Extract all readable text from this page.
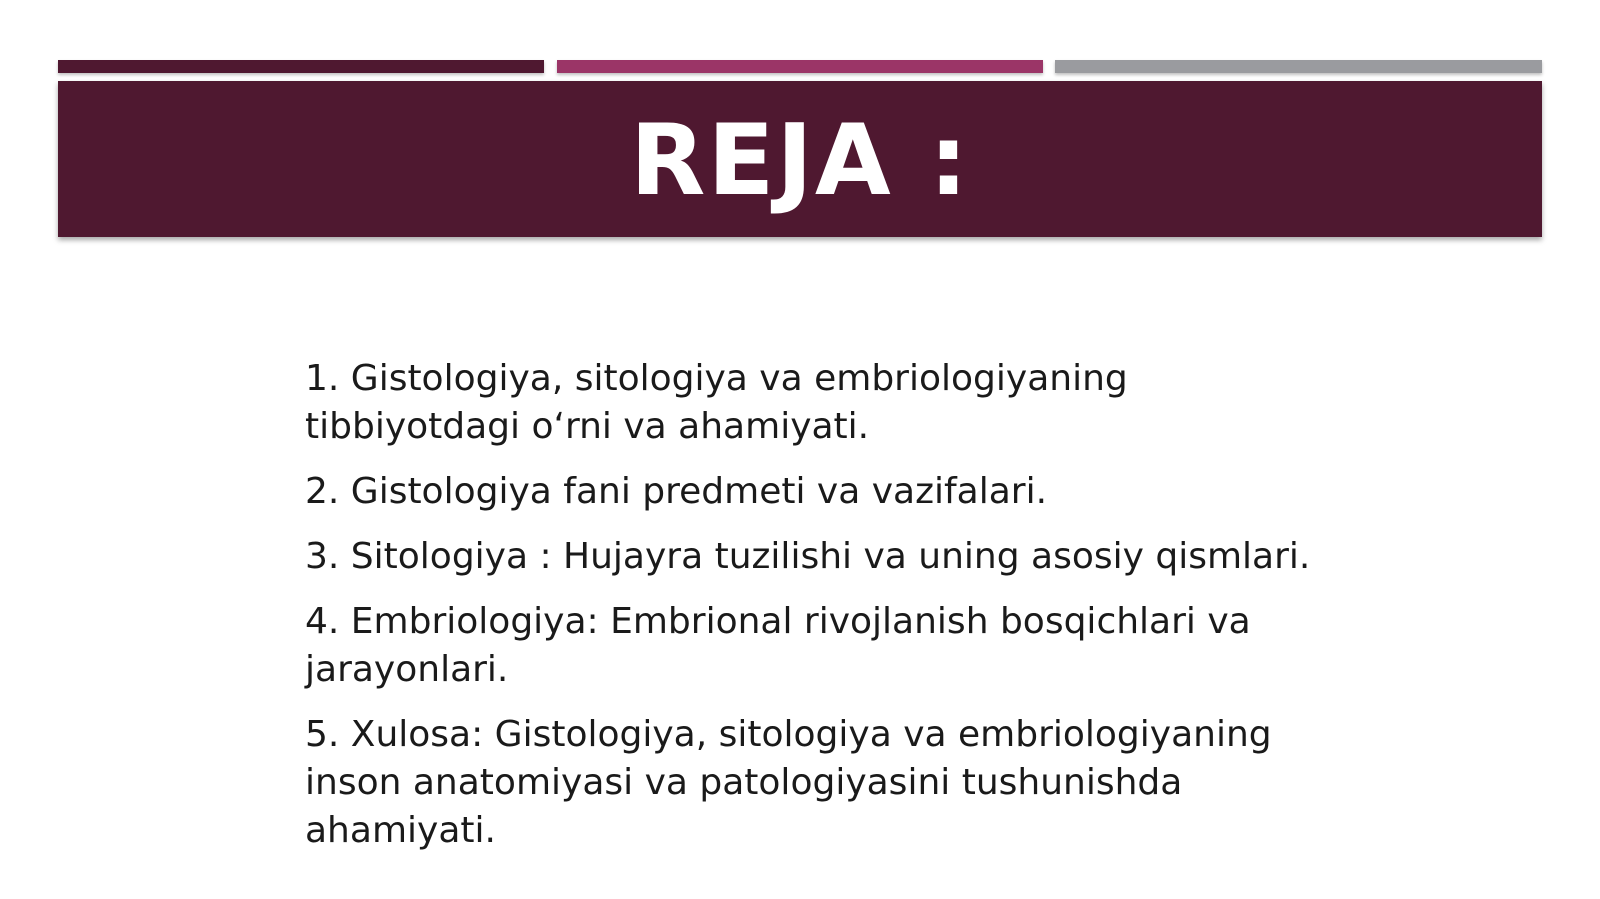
REJA :
1. Gistologiya, sitologiya va embriologiyaning tibbiyotdagi o‘rni va ahamiyati.
2. Gistologiya fani predmeti va vazifalari.
3. Sitologiya : Hujayra tuzilishi va uning asosiy qismlari.
4. Embriologiya: Embrional rivojlanish bosqichlari va jarayonlari.
5. Xulosa: Gistologiya, sitologiya va embriologiyaning inson anatomiyasi va patologiyasini tushunishda ahamiyati.
